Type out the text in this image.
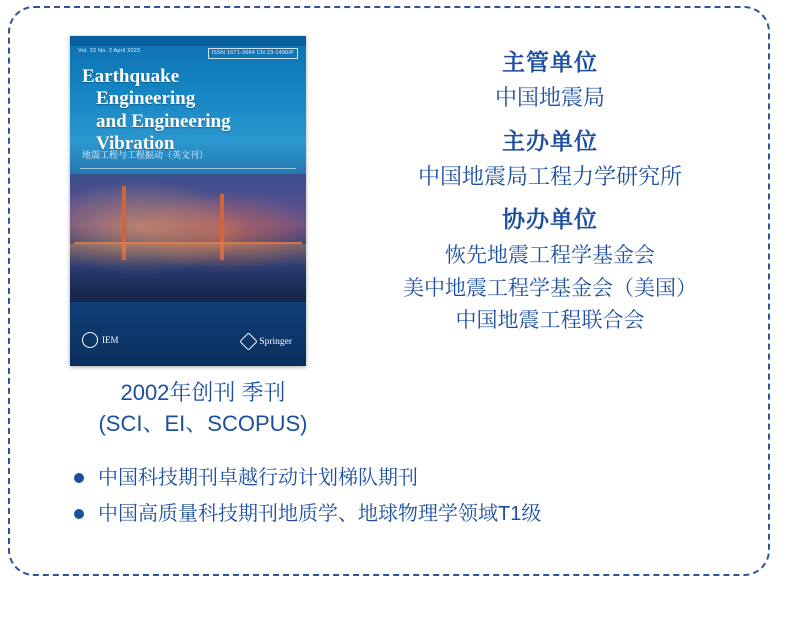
Vol. 22 No. 2 April 2023	ISSN 1671-3664 CN 23-1496/P
Earthquake
Engineering
and Engineering
Vibration
地震工程与工程振动（英文刊）
IEM	Springer
主管单位
中国地震局
主办单位
中国地震局工程力学研究所
协办单位
恢先地震工程学基金会
美中地震工程学基金会（美国）
中国地震工程联合会
2002年创刊 季刊
(SCI、EI、SCOPUS)
中国科技期刊卓越行动计划梯队期刊
中国高质量科技期刊地质学、地球物理学领域T1级
